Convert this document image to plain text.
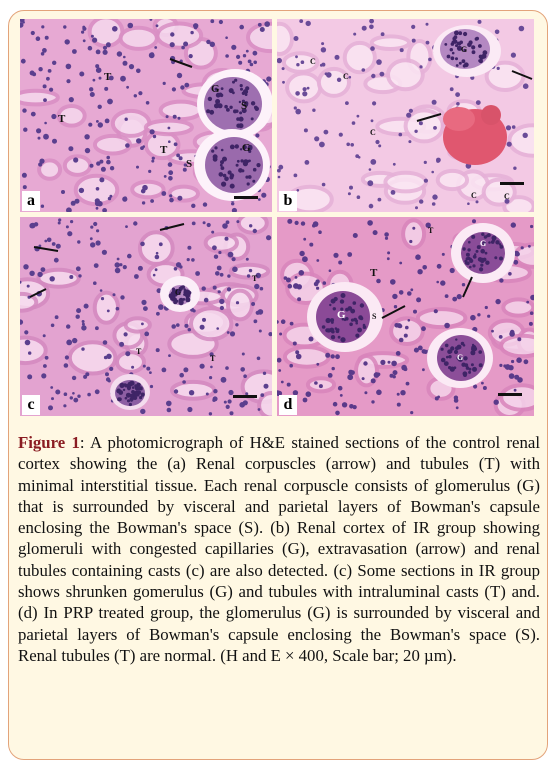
T
T
T
G
S
G
S
a
G
C
C
C
C	C
b
G
T
T
T
c
G
T
T
G	S
G
d
Figure 1: A photomicrograph of H&E stained sections of the control renal cortex showing the (a) Renal corpuscles (arrow) and tubules (T) with minimal interstitial tissue. Each renal corpuscle consists of glomerulus (G) that is surrounded by visceral and parietal layers of Bowman's capsule enclosing the Bowman's space (S). (b) Renal cortex of IR group showing glomeruli with congested capillaries (G), extravasation (arrow) and renal tubules containing casts (c) are also detected. (c) Some sections in IR group shows shrunken gomerulus (G) and tubules with intraluminal casts (T) and. (d) In PRP treated group, the glomerulus (G) is surrounded by visceral and parietal layers of Bowman's capsule enclosing the Bowman's space (S). Renal tubules (T) are normal. (H and E × 400, Scale bar; 20 µm).
